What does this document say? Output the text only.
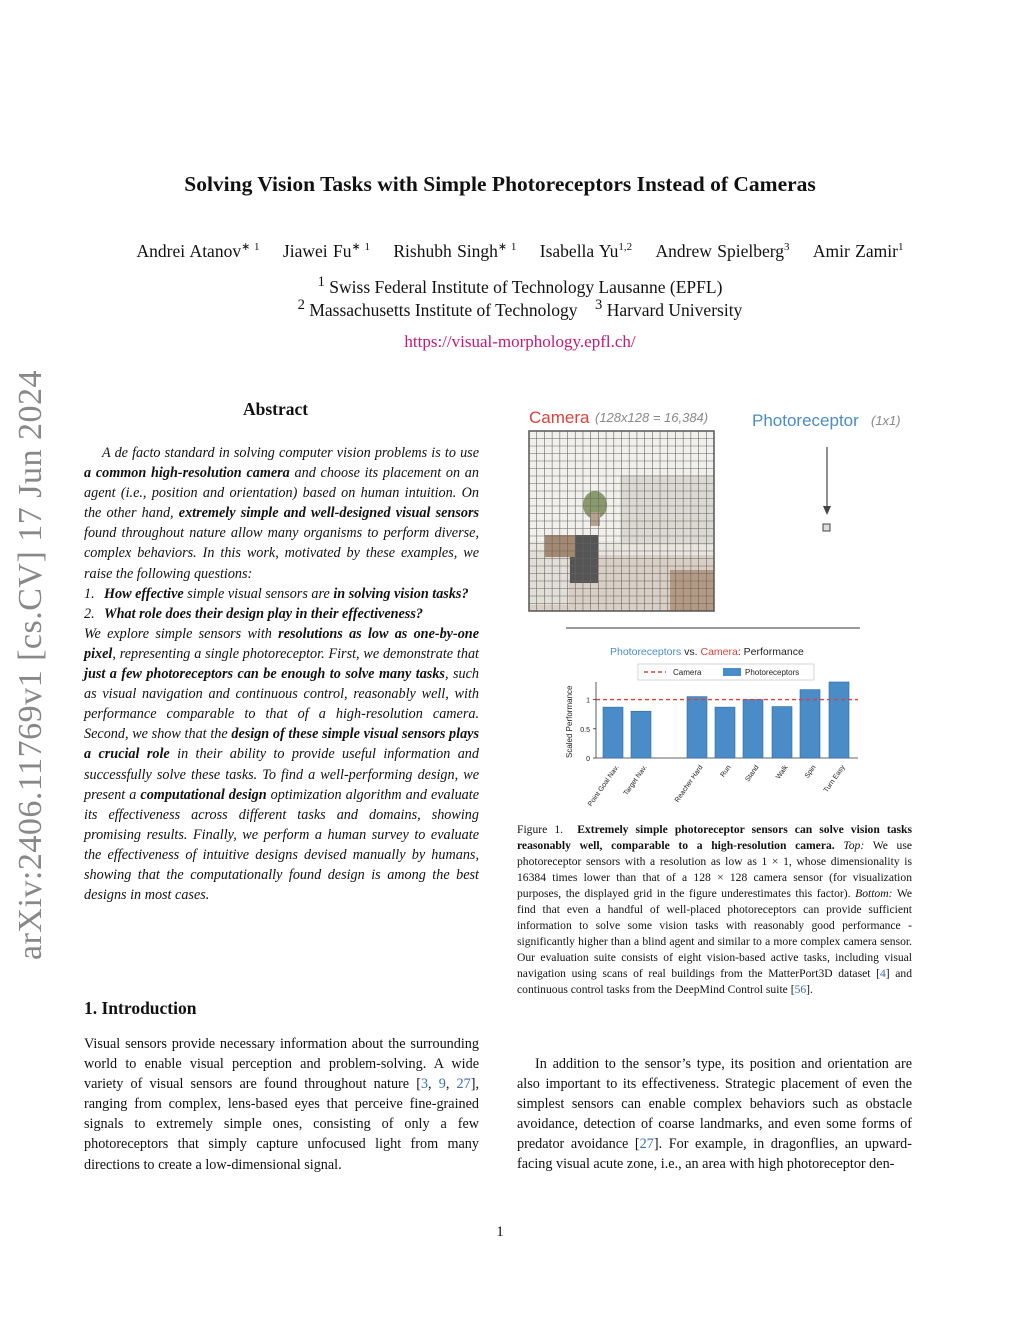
arXiv:2406.11769v1 [cs.CV] 17 Jun 2024
Solving Vision Tasks with Simple Photoreceptors Instead of Cameras
Andrei Atanov$^{∗ 1}$ Jiawei $Fu^{∗ 1}$ Rishubh Singh$^{∗ 1}$ Isabella Yu$^{1,2}$ Andrew Spielberg$^3$ Amir Zamir$^1$
$^1$ Swiss Federal Institute of Technology Lausanne (EPFL)
$^2$ Massachusetts Institute of Technology $^3$ Harvard University
https://visual-morphology.epfl.ch/
Abstract

A de facto standard in solving computer vision problems is to use a common high-resolution camera and choose its placement on an agent (i.e., position and orientation) based on human intuition. On the other hand, extremely simple and well-designed visual sensors found throughout nature allow many organisms to perform diverse, complex behaviors. In this work, motivated by these examples, we raise the following questions:

1. How effective simple visual sensors are in solving vision tasks?

2. What role does their design play in their effectiveness?

We explore simple sensors with resolutions as low as one-by-one pixel, representing a single photoreceptor. First, we demonstrate that just a few photoreceptors can be enough to solve many tasks, such as visual navigation and continuous control, reasonably well, with performance comparable to that of a high-resolution camera. Second, we show that the design of these simple visual sensors plays a crucial role in their ability to provide useful information and successfully solve these tasks. To find a well-performing design, we present a computational design optimization algorithm and evaluate its effectiveness across different tasks and domains, showing promising results. Finally, we perform a human survey to evaluate the effectiveness of intuitive designs devised manually by humans, showing that the computationally found design is among the best designs in most cases.

1. Introduction

Visual sensors provide necessary information about the surrounding world to enable visual perception and problem-solving. A wide variety of visual sensors are found throughout nature [3, 9, 27], ranging from complex, lens-based eyes that perceive fine-grained signals to extremely simple ones, consisting of only a few photoreceptors that simply capture unfocused light from many directions to create a low-dimensional signal.

Camera (128x128 = 16,384)	Photoreceptor (1x1)
Photoreceptors vs. Camera: Performance
Camera	Photoreceptors
Scaled Performance
0
0.5
1
Point Goal Nav. Target Nav.	Reacher Hard Run Stand Walk Spin Turn Easy
Figure 1. Extremely simple photoreceptor sensors can solve vision tasks reasonably well, comparable to a high-resolution camera. Top: We use photoreceptor sensors with a resolution as low as 1 × 1, whose dimensionality is 16384 times lower than that of a 128 × 128 camera sensor (for visualization purposes, the displayed grid in the figure underestimates this factor). Bottom: We find that even a handful of well-placed photoreceptors can provide sufficient information to solve some vision tasks with reasonably good performance - significantly higher than a blind agent and similar to a more complex camera sensor. Our evaluation suite consists of eight vision-based active tasks, including visual navigation using scans of real buildings from the MatterPort3D dataset [4] and continuous control tasks from the DeepMind Control suite [56].

In addition to the sensor’s type, its position and orientation are also important to its effectiveness. Strategic placement of even the simplest sensors can enable complex behaviors such as obstacle avoidance, detection of coarse landmarks, and even some forms of predator avoidance [27]. For example, in dragonflies, an upward-facing visual acute zone, i.e., an area with high photoreceptor den-

1
